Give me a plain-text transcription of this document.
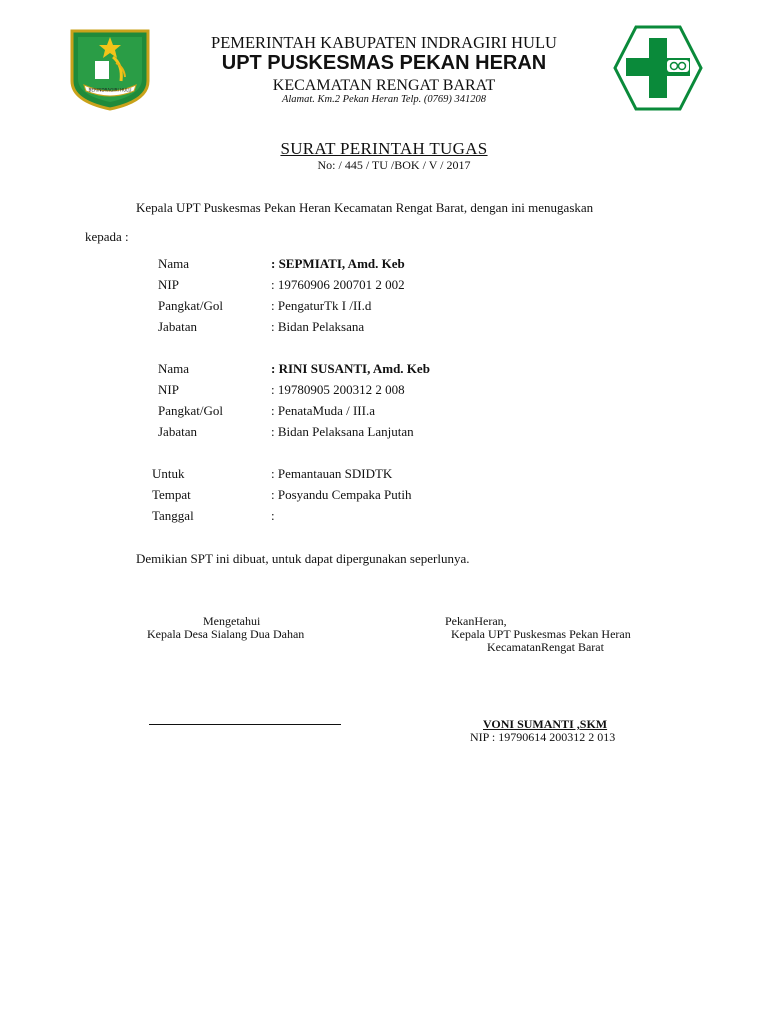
BERINDRAGIRI HULU
PEMERINTAH KABUPATEN INDRAGIRI HULU
UPT PUSKESMAS PEKAN HERAN
KECAMATAN RENGAT BARAT
Alamat. Km.2 Pekan Heran Telp. (0769) 341208
SURAT PERINTAH TUGAS
No: / 445 / TU /BOK / V / 2017
Kepala UPT Puskesmas Pekan Heran Kecamatan Rengat Barat, dengan ini menugaskan
kepada :
Nama	: SEPMIATI, Amd. Keb
NIP	: 19760906 200701 2 002
Pangkat/Gol	: PengaturTk I /II.d
Jabatan	: Bidan Pelaksana
Nama	: RINI SUSANTI, Amd. Keb
NIP	: 19780905 200312 2 008
Pangkat/Gol	: PenataMuda / III.a
Jabatan	: Bidan Pelaksana Lanjutan
Untuk	: Pemantauan SDIDTK
Tempat	: Posyandu Cempaka Putih
Tanggal	:
Demikian SPT ini dibuat, untuk dapat dipergunakan seperlunya.
Mengetahui
Kepala Desa Sialang Dua Dahan
PekanHeran,
Kepala UPT Puskesmas Pekan Heran
KecamatanRengat Barat
VONI SUMANTI ,SKM
NIP : 19790614 200312 2 013
